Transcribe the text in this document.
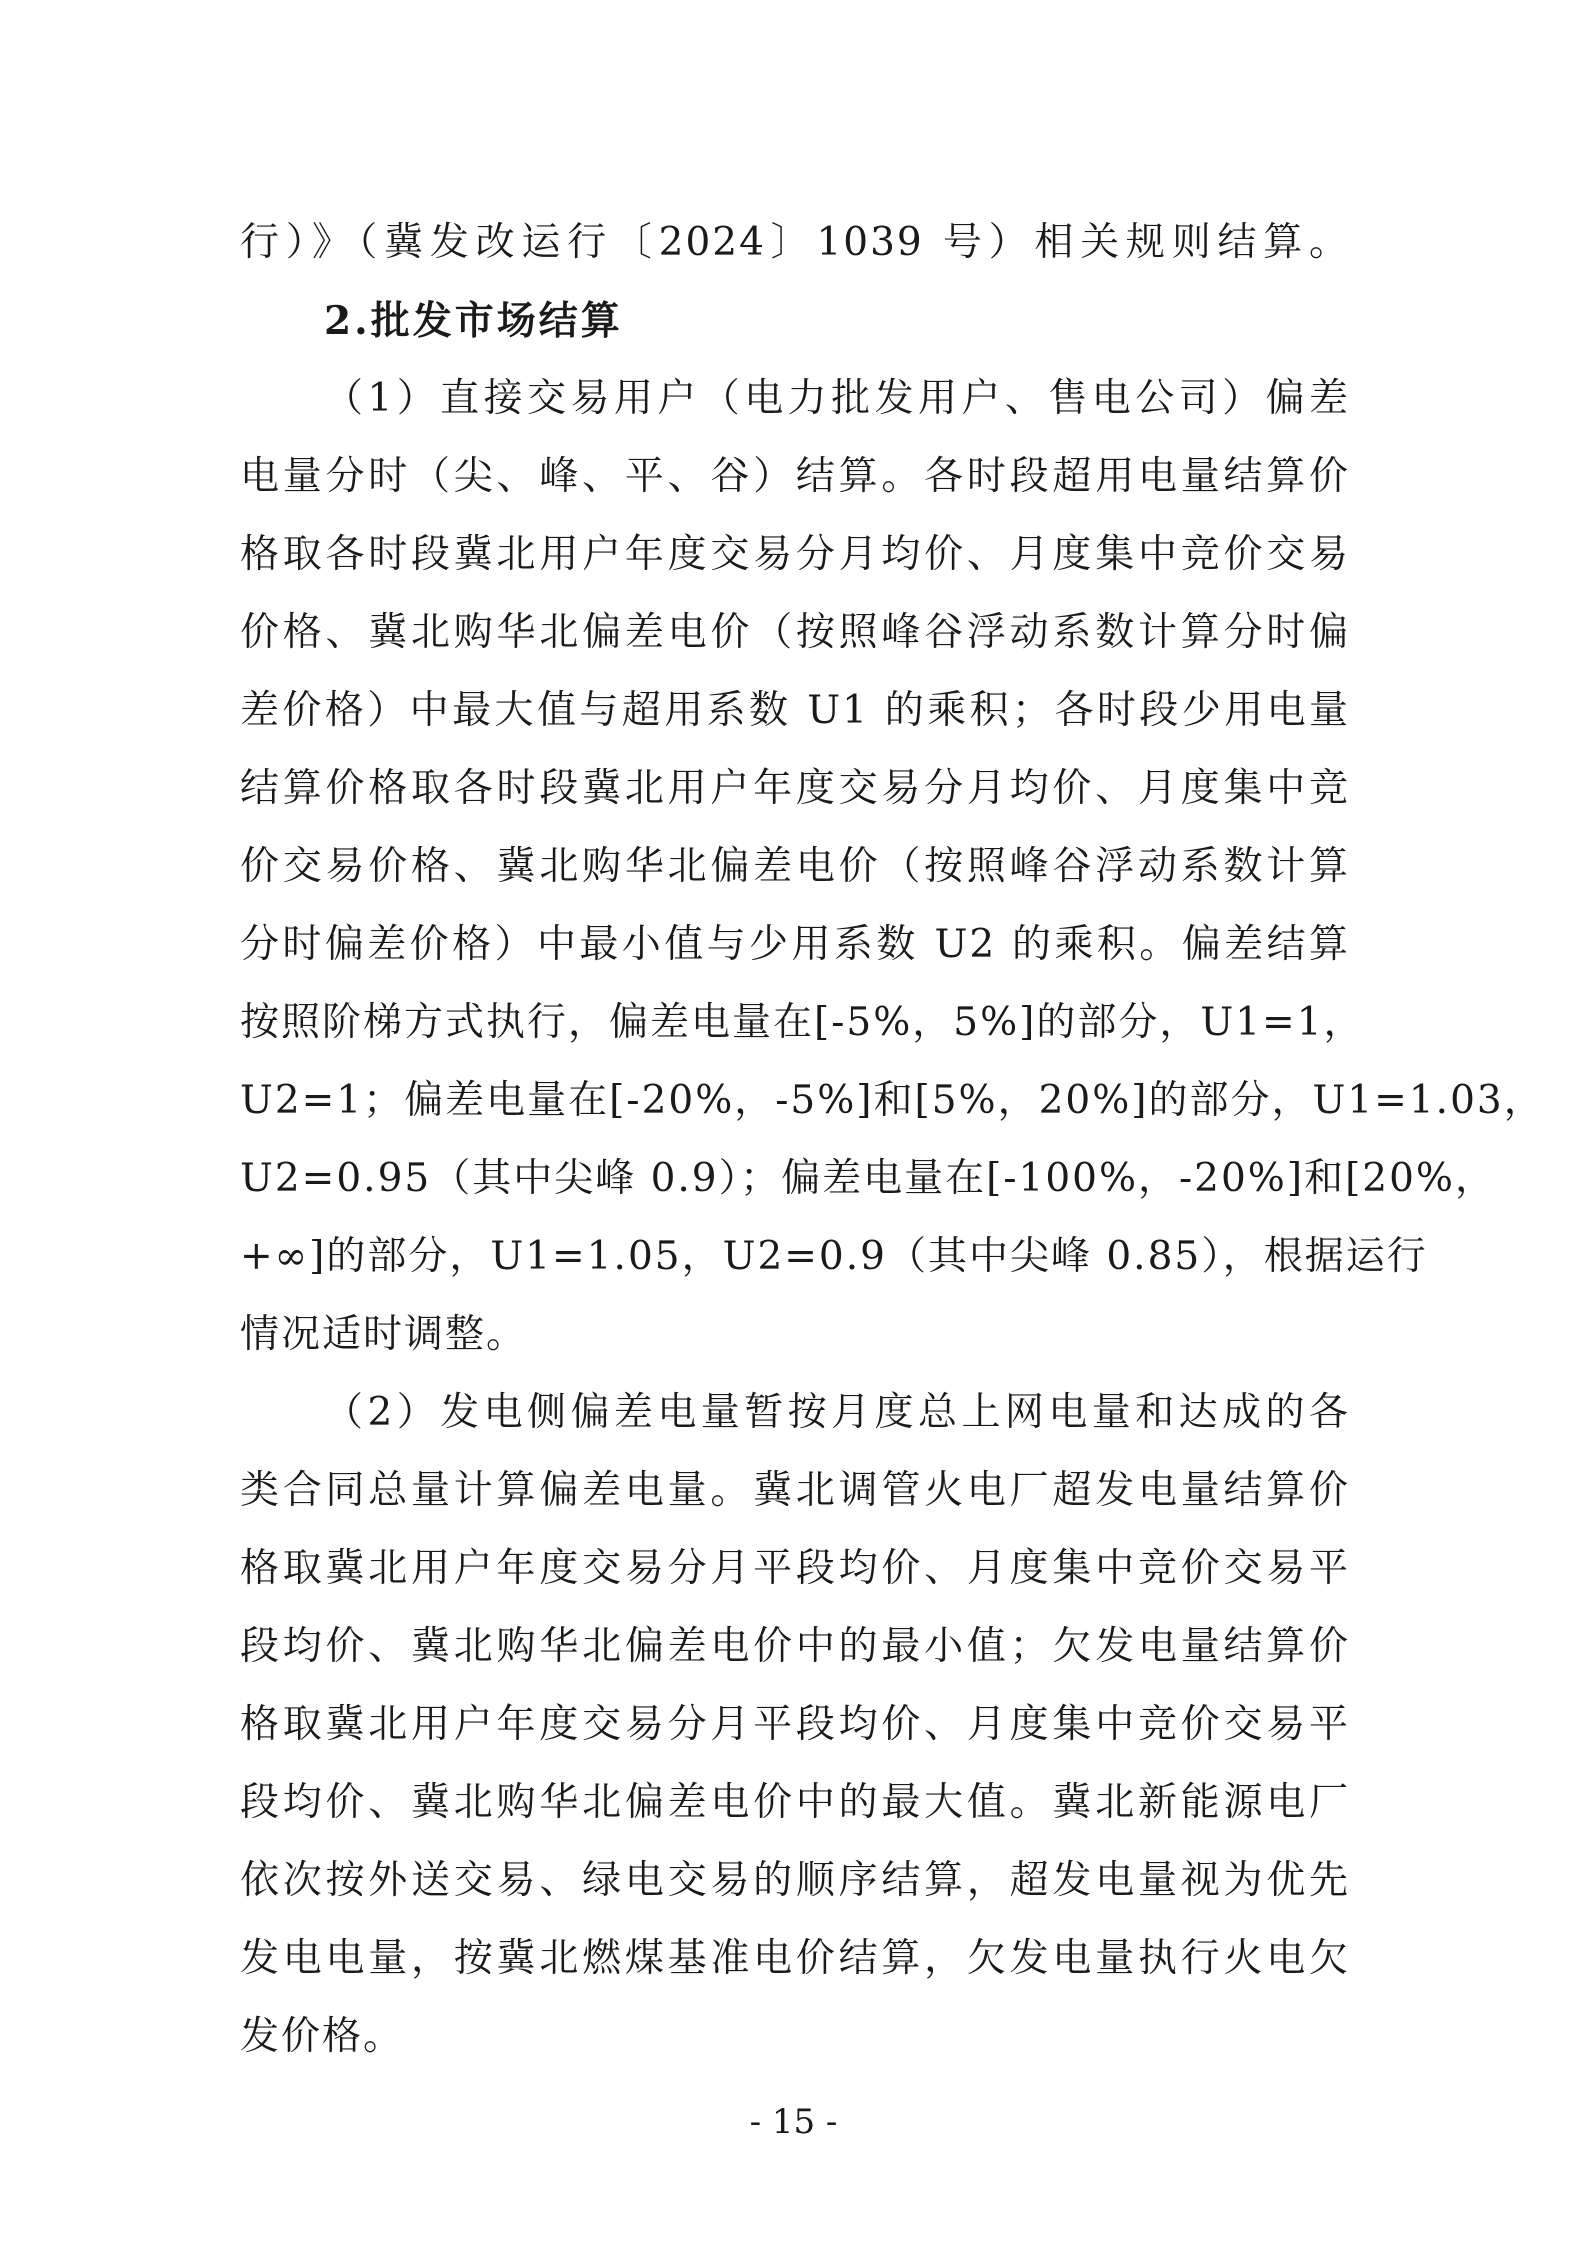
行）》（冀发改运行〔2024〕1039 号）相关规则结算。
2.批发市场结算
（1）直接交易用户（电力批发用户、售电公司）偏差
电量分时（尖、峰、平、谷）结算。各时段超用电量结算价
格取各时段冀北用户年度交易分月均价、月度集中竞价交易
价格、冀北购华北偏差电价（按照峰谷浮动系数计算分时偏
差价格）中最大值与超用系数 U1 的乘积；各时段少用电量
结算价格取各时段冀北用户年度交易分月均价、月度集中竞
价交易价格、冀北购华北偏差电价（按照峰谷浮动系数计算
分时偏差价格）中最小值与少用系数 U2 的乘积。偏差结算
按照阶梯方式执行，偏差电量在[-5%，5%]的部分，U1=1，
U2=1；偏差电量在[-20%，-5%]和[5%，20%]的部分，U1=1.03，
U2=0.95（其中尖峰 0.9）；偏差电量在[-100%，-20%]和[20%，
+∞]的部分，U1=1.05，U2=0.9（其中尖峰 0.85），根据运行
情况适时调整。
（2）发电侧偏差电量暂按月度总上网电量和达成的各
类合同总量计算偏差电量。冀北调管火电厂超发电量结算价
格取冀北用户年度交易分月平段均价、月度集中竞价交易平
段均价、冀北购华北偏差电价中的最小值；欠发电量结算价
格取冀北用户年度交易分月平段均价、月度集中竞价交易平
段均价、冀北购华北偏差电价中的最大值。冀北新能源电厂
依次按外送交易、绿电交易的顺序结算，超发电量视为优先
发电电量，按冀北燃煤基准电价结算，欠发电量执行火电欠
发价格。
- 15 -
